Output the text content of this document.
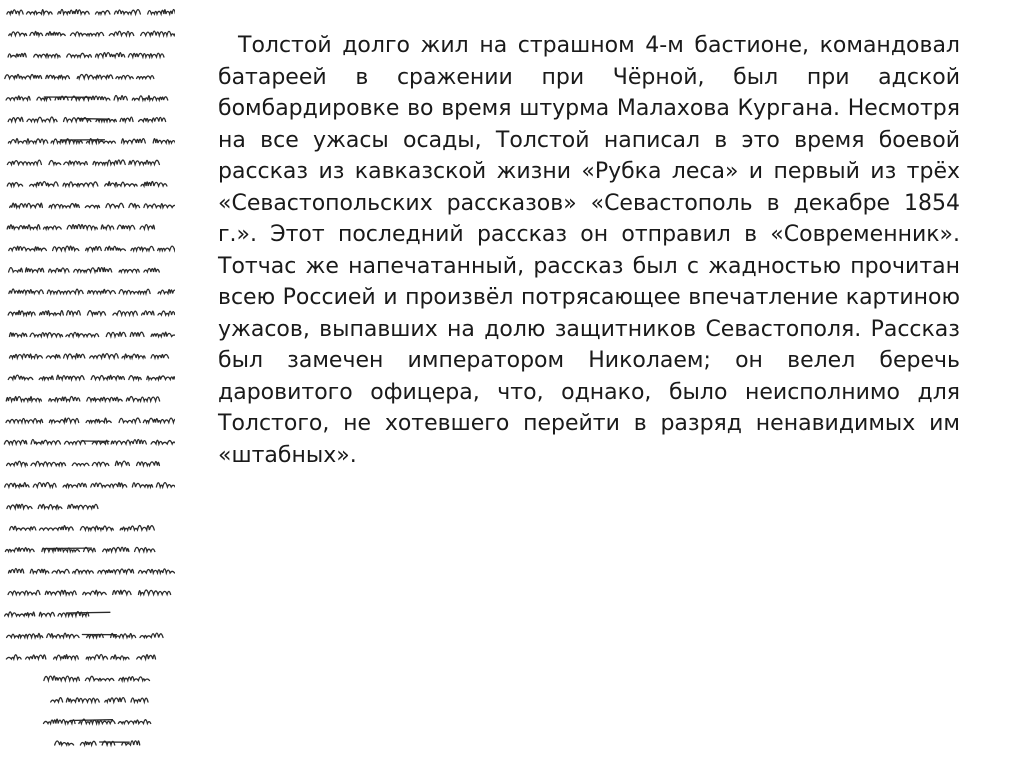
Толстой долго жил на страшном 4-м бастионе, командовал батареей в сражении при Чёрной, был при адской бомбардировке во время штурма Малахова Кургана. Несмотря на все ужасы осады, Толстой написал в это время боевой рассказ из кавказской жизни «Рубка леса» и первый из трёх «Севастопольских рассказов» «Севастополь в декабре 1854 г.». Этот последний рассказ он отправил в «Современник». Тотчас же напечатанный, рассказ был с жадностью прочитан всею Россией и произвёл потрясающее впечатление картиною ужасов, выпавших на долю защитников Севастополя. Рассказ был замечен императором Николаем; он велел беречь даровитого офицера, что, однако, было неисполнимо для Толстого, не хотевшего перейти в разряд ненавидимых им «штабных».
